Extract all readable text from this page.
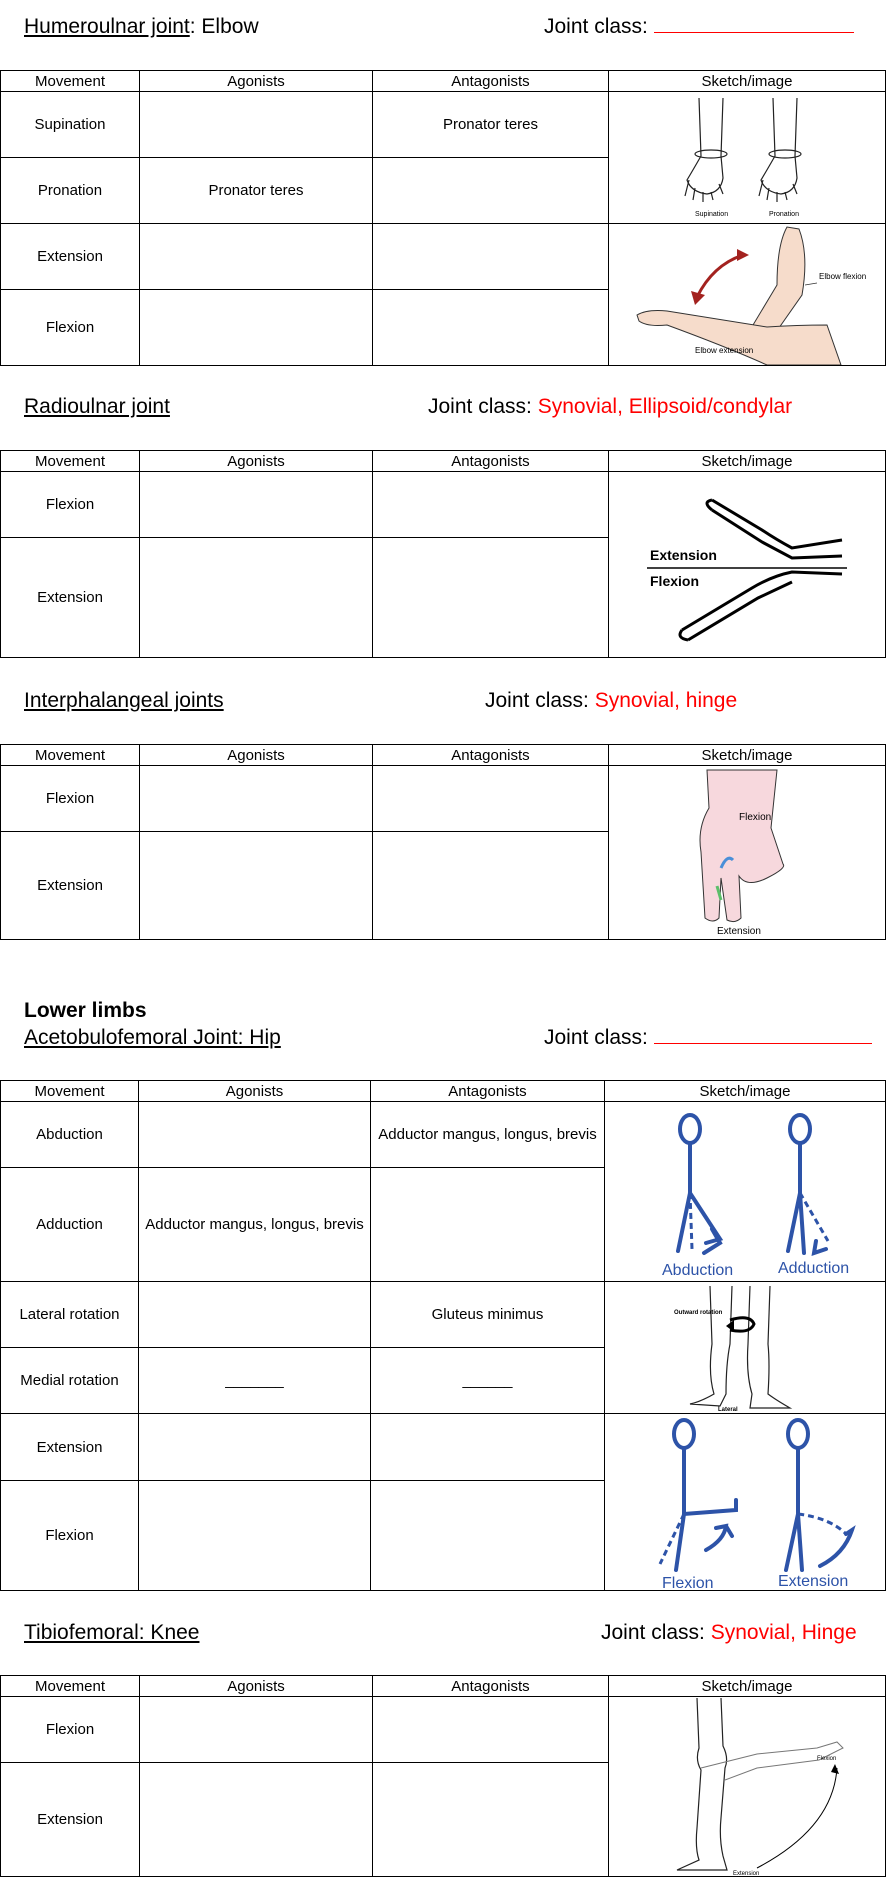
Humeroulnar joint: Elbow	Joint class:
Movement	Agonists	Antagonists	Sketch/image
Supination		Pronator teres	Supination Pronation

Pronation	Pronator teres		
Extension			Elbow flexion
Elbow extension

Flexion			
Radioulnar joint	Joint class: Synovial, Ellipsoid/condylar
Movement	Agonists	Antagonists	Sketch/image
Flexion			Extension
Flexion

Extension			
Interphalangeal joints	Joint class: Synovial, hinge
Movement	Agonists	Antagonists	Sketch/image
Flexion			Flexion
Extension

Extension			
Lower limbs
Acetobulofemoral Joint: Hip	Joint class:
Movement	Agonists	Antagonists	Sketch/image
Abduction		Adductor mangus, longus, brevis	Abduction Adduction

Adduction	Adductor mangus, longus, brevis		
Lateral rotation		Gluteus minimus	Outward rotation
Lateral

Medial rotation	_______	______	
Extension			Flexion Extension

Flexion			
Tibiofemoral: Knee	Joint class: Synovial, Hinge
Movement	Agonists	Antagonists	Sketch/image
Flexion			Flexion
Extension

Extension			
